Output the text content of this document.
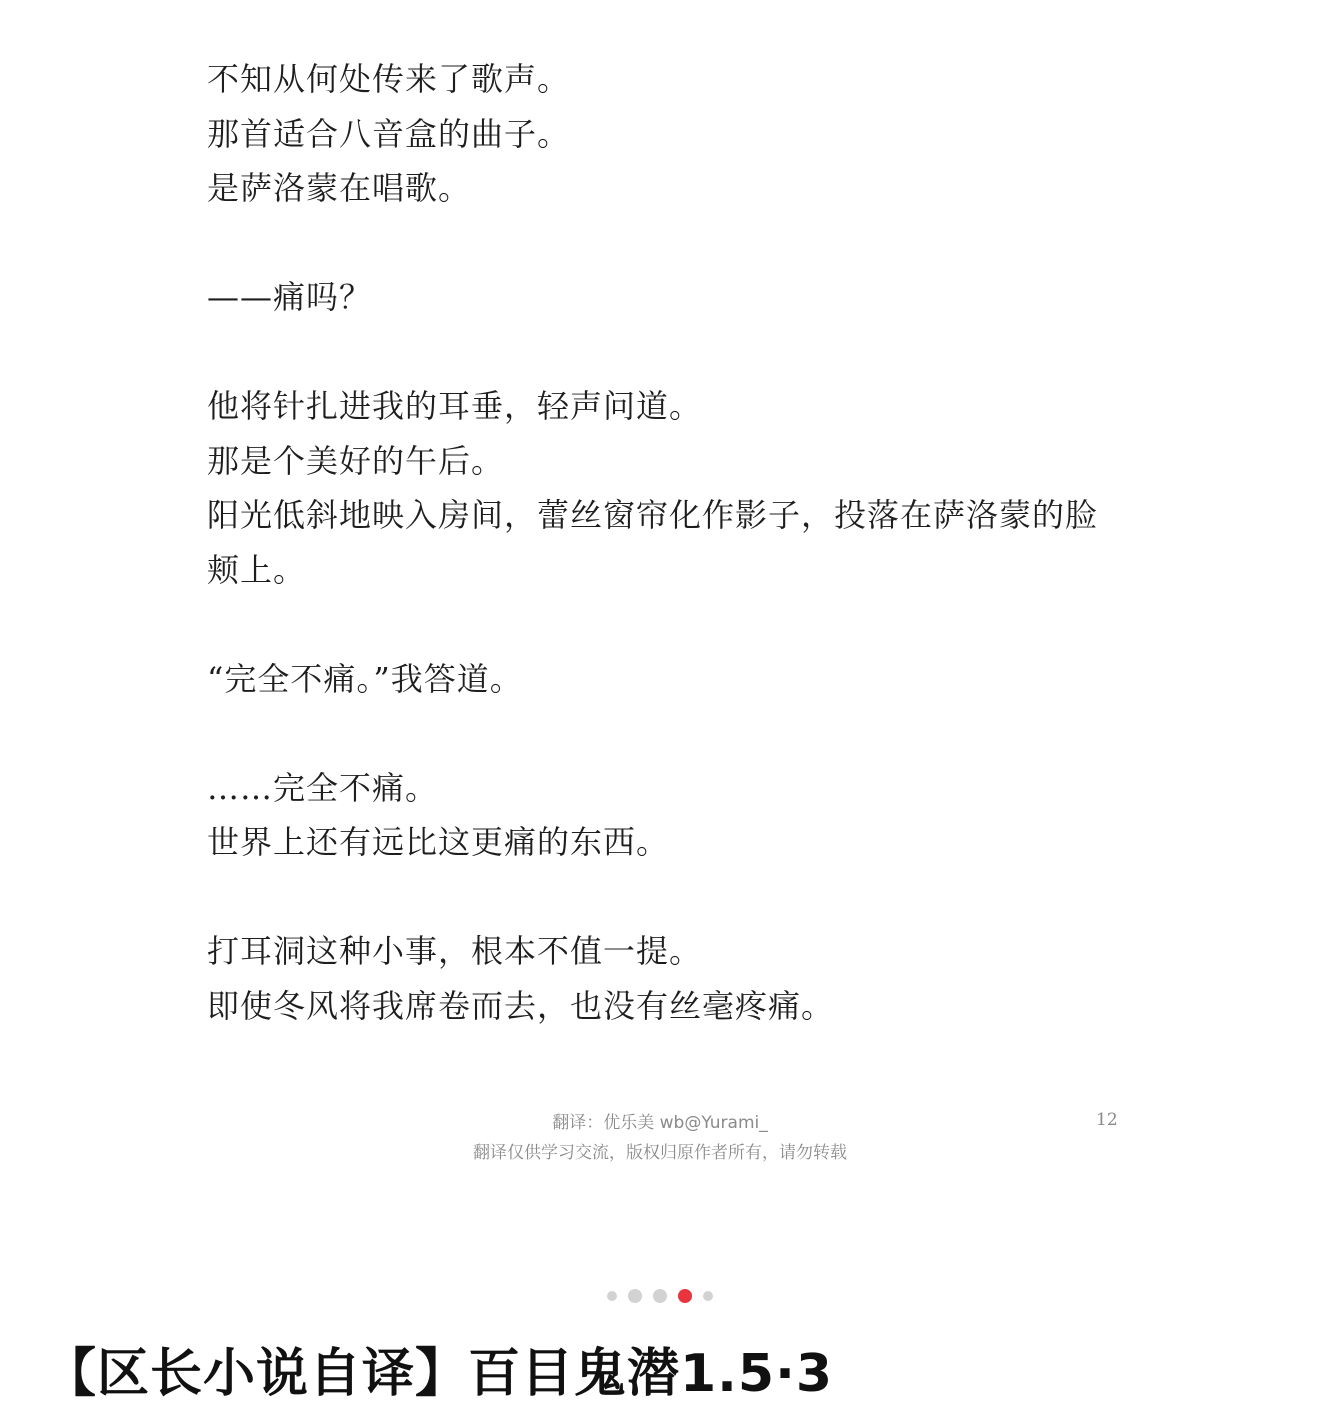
不知从何处传来了歌声。
那首适合八音盒的曲子。
是萨洛蒙在唱歌。
——痛吗？
他将针扎进我的耳垂，轻声问道。
那是个美好的午后。
阳光低斜地映入房间，蕾丝窗帘化作影子，投落在萨洛蒙的脸
颊上。
“完全不痛。”我答道。
……完全不痛。
世界上还有远比这更痛的东西。
打耳洞这种小事，根本不值一提。
即使冬风将我席卷而去，也没有丝毫疼痛。
翻译：优乐美 wb@Yurami_
翻译仅供学习交流，版权归原作者所有，请勿转载
12
【区长小说自译】百目鬼潜1.5·3
